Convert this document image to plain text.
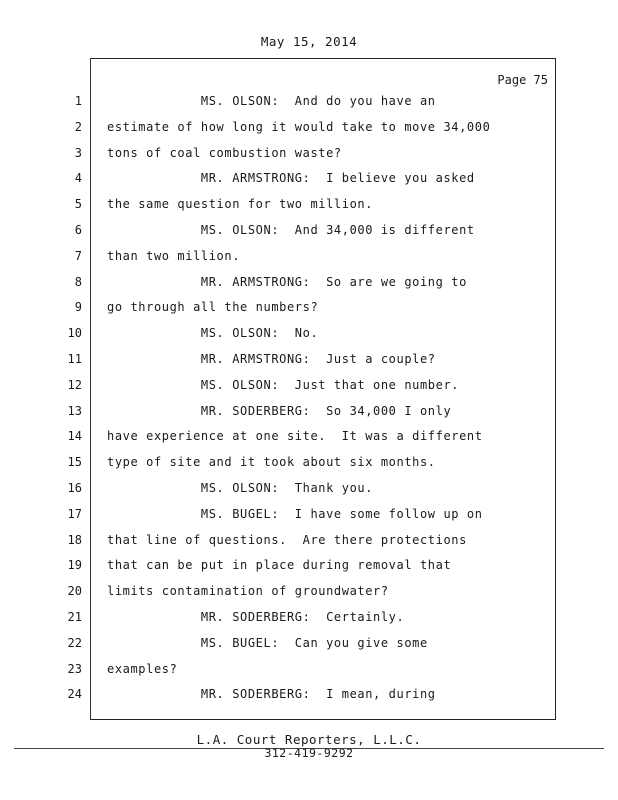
May 15, 2014
Page 75
1 MS. OLSON:  And do you have an
2 estimate of how long it would take to move 34,000
3 tons of coal combustion waste?
4 MR. ARMSTRONG:  I believe you asked
5 the same question for two million.
6 MS. OLSON:  And 34,000 is different
7 than two million.
8 MR. ARMSTRONG:  So are we going to
9 go through all the numbers?
10 MS. OLSON:  No.
11 MR. ARMSTRONG:  Just a couple?
12 MS. OLSON:  Just that one number.
13 MR. SODERBERG:  So 34,000 I only
14 have experience at one site.  It was a different
15 type of site and it took about six months.
16 MS. OLSON:  Thank you.
17 MS. BUGEL:  I have some follow up on
18 that line of questions.  Are there protections
19 that can be put in place during removal that
20 limits contamination of groundwater?
21 MR. SODERBERG:  Certainly.
22 MS. BUGEL:  Can you give some
23 examples?
24 MR. SODERBERG:  I mean, during
L.A. Court Reporters, L.L.C.
312-419-9292
